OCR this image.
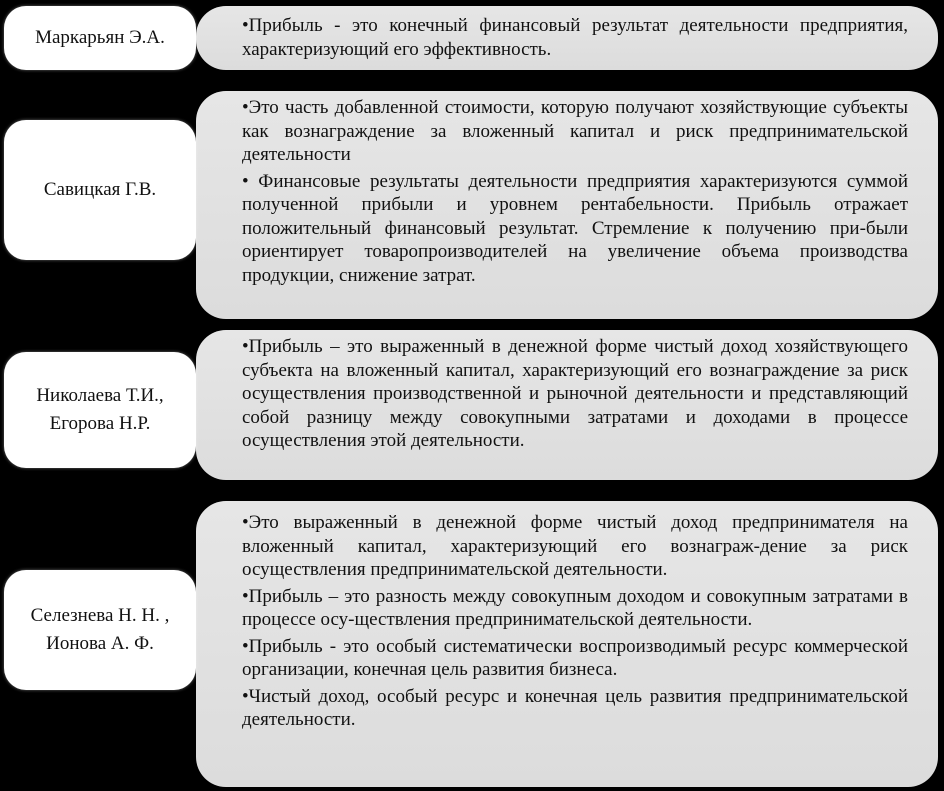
Маркарьян Э.А.

•Прибыль - это конечный финансовый результат деятельности предприятия, характеризующий его эффективность.

Савицкая Г.В.

•Это часть добавленной стоимости, которую получают хозяйствующие субъекты как вознаграждение за вложенный капитал и риск предпринимательской деятельности

• Финансовые результаты деятельности предприятия характеризуются суммой полученной прибыли и уровнем рентабельности. Прибыль отражает положительный финансовый результат. Стремление к получению при-были ориентирует товаропроизводителей на увеличение объема производства продукции, снижение затрат.

Николаева Т.И.,
Егорова Н.Р.

•Прибыль – это выраженный в денежной форме чистый доход хозяйствующего субъекта на вложенный капитал, характеризующий его вознаграждение за риск осуществления производственной и рыночной деятельности и представляющий собой разницу между совокупными затратами и доходами в процессе осуществления этой деятельности.

Селезнева Н. Н. ,
Ионова А. Ф.

•Это выраженный в денежной форме чистый доход предпринимателя на вложенный капитал, характеризующий его вознаграж-дение за риск осуществления предпринимательской деятельности.

•Прибыль – это разность между совокупным доходом и совокупным затратами в процессе осу-ществления предпринимательской деятельности.

•Прибыль - это особый систематически воспроизводимый ресурс коммерческой организации, конечная цель развития бизнеса.

•Чистый доход, особый ресурс и конечная цель развития предпринимательской деятельности.
